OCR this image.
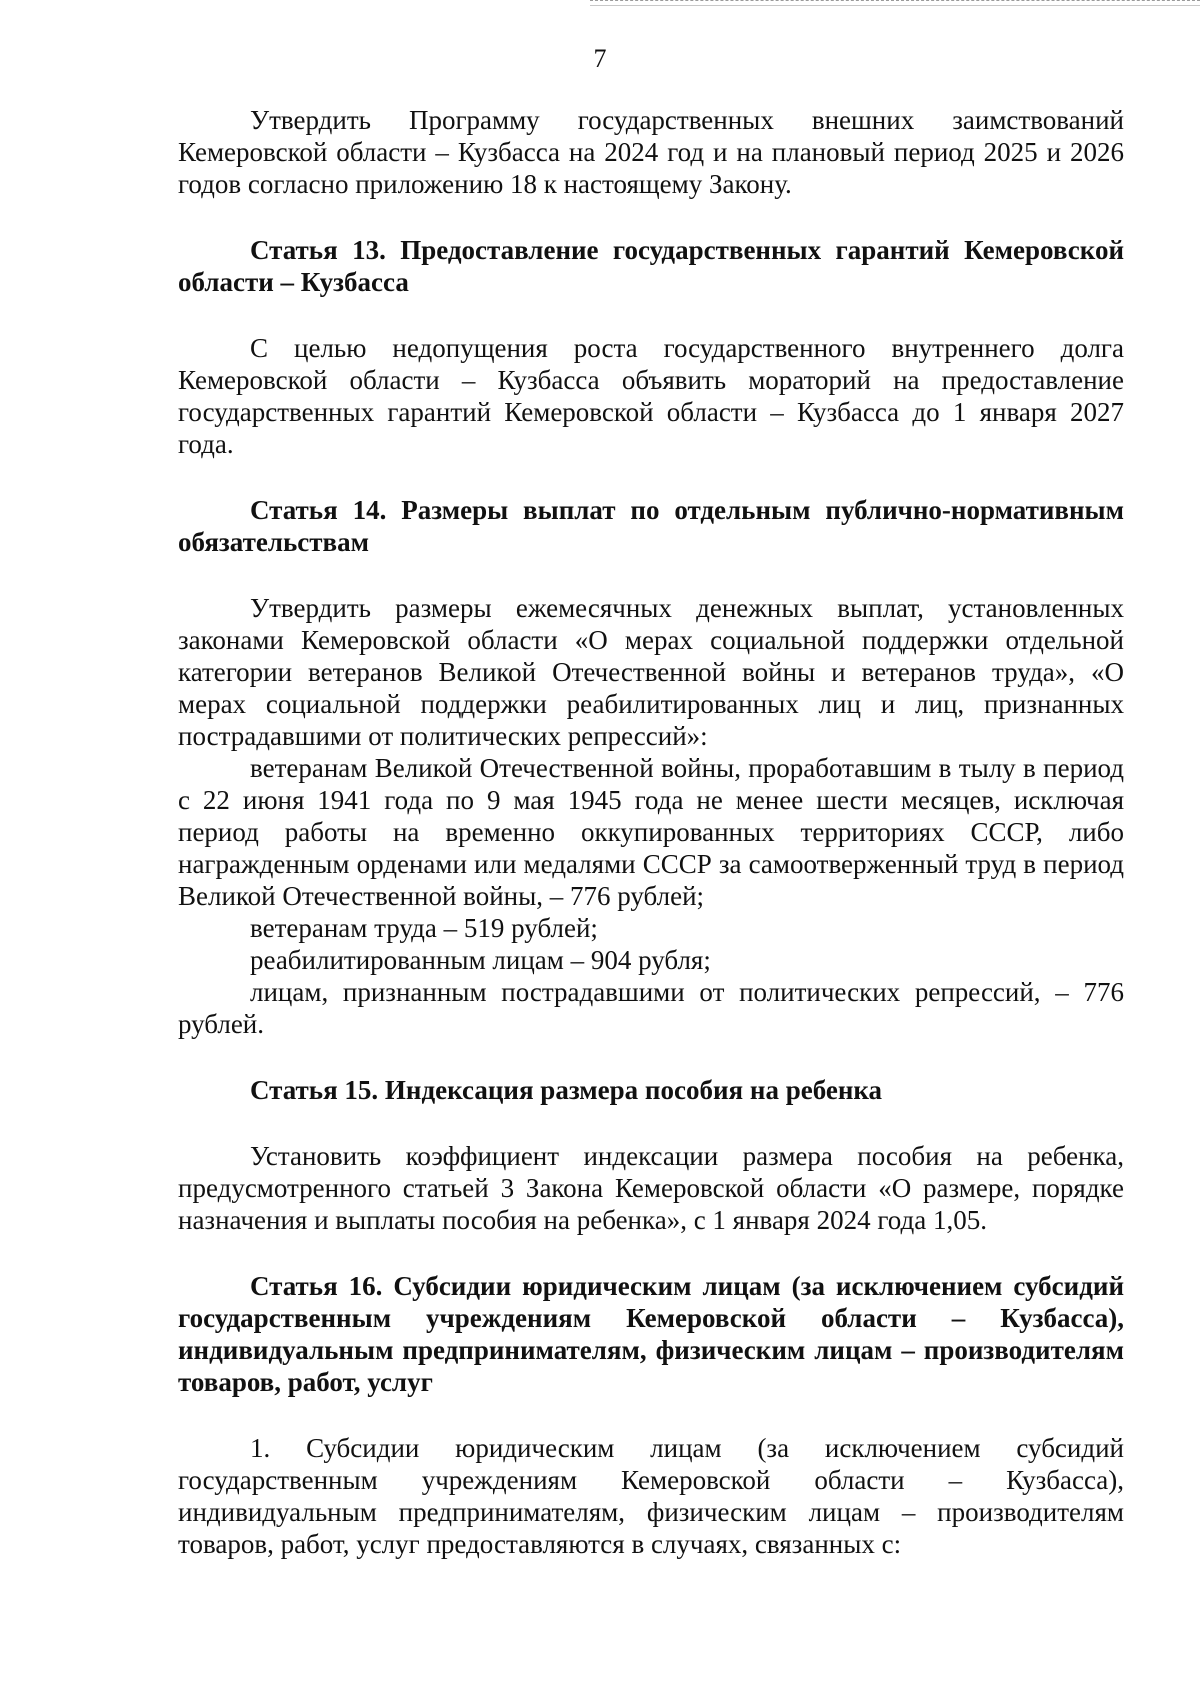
7

Утвердить Программу государственных внешних заимствований Кемеровской области – Кузбасса на 2024 год и на плановый период 2025 и 2026 годов согласно приложению 18 к настоящему Закону.

Статья 13. Предоставление государственных гарантий Кемеровской области – Кузбасса

С целью недопущения роста государственного внутреннего долга Кемеровской области – Кузбасса объявить мораторий на предоставление государственных гарантий Кемеровской области – Кузбасса до 1 января 2027 года.

Статья 14. Размеры выплат по отдельным публично-нормативным обязательствам

Утвердить размеры ежемесячных денежных выплат, установленных законами Кемеровской области «О мерах социальной поддержки отдельной категории ветеранов Великой Отечественной войны и ветеранов труда», «О мерах социальной поддержки реабилитированных лиц и лиц, признанных пострадавшими от политических репрессий»:

ветеранам Великой Отечественной войны, проработавшим в тылу в период с 22 июня 1941 года по 9 мая 1945 года не менее шести месяцев, исключая период работы на временно оккупированных территориях СССР, либо награжденным орденами или медалями СССР за самоотверженный труд в период Великой Отечественной войны, – 776 рублей;

ветеранам труда – 519 рублей;

реабилитированным лицам – 904 рубля;

лицам, признанным пострадавшими от политических репрессий, – 776 рублей.

Статья 15. Индексация размера пособия на ребенка

Установить коэффициент индексации размера пособия на ребенка, предусмотренного статьей 3 Закона Кемеровской области «О размере, порядке назначения и выплаты пособия на ребенка», с 1 января 2024 года 1,05.

Статья 16. Субсидии юридическим лицам (за исключением субсидий государственным учреждениям Кемеровской области – Кузбасса), индивидуальным предпринимателям, физическим лицам – производителям товаров, работ, услуг

1. Субсидии юридическим лицам (за исключением субсидий государственным учреждениям Кемеровской области – Кузбасса), индивидуальным предпринимателям, физическим лицам – производителям товаров, работ, услуг предоставляются в случаях, связанных с:
